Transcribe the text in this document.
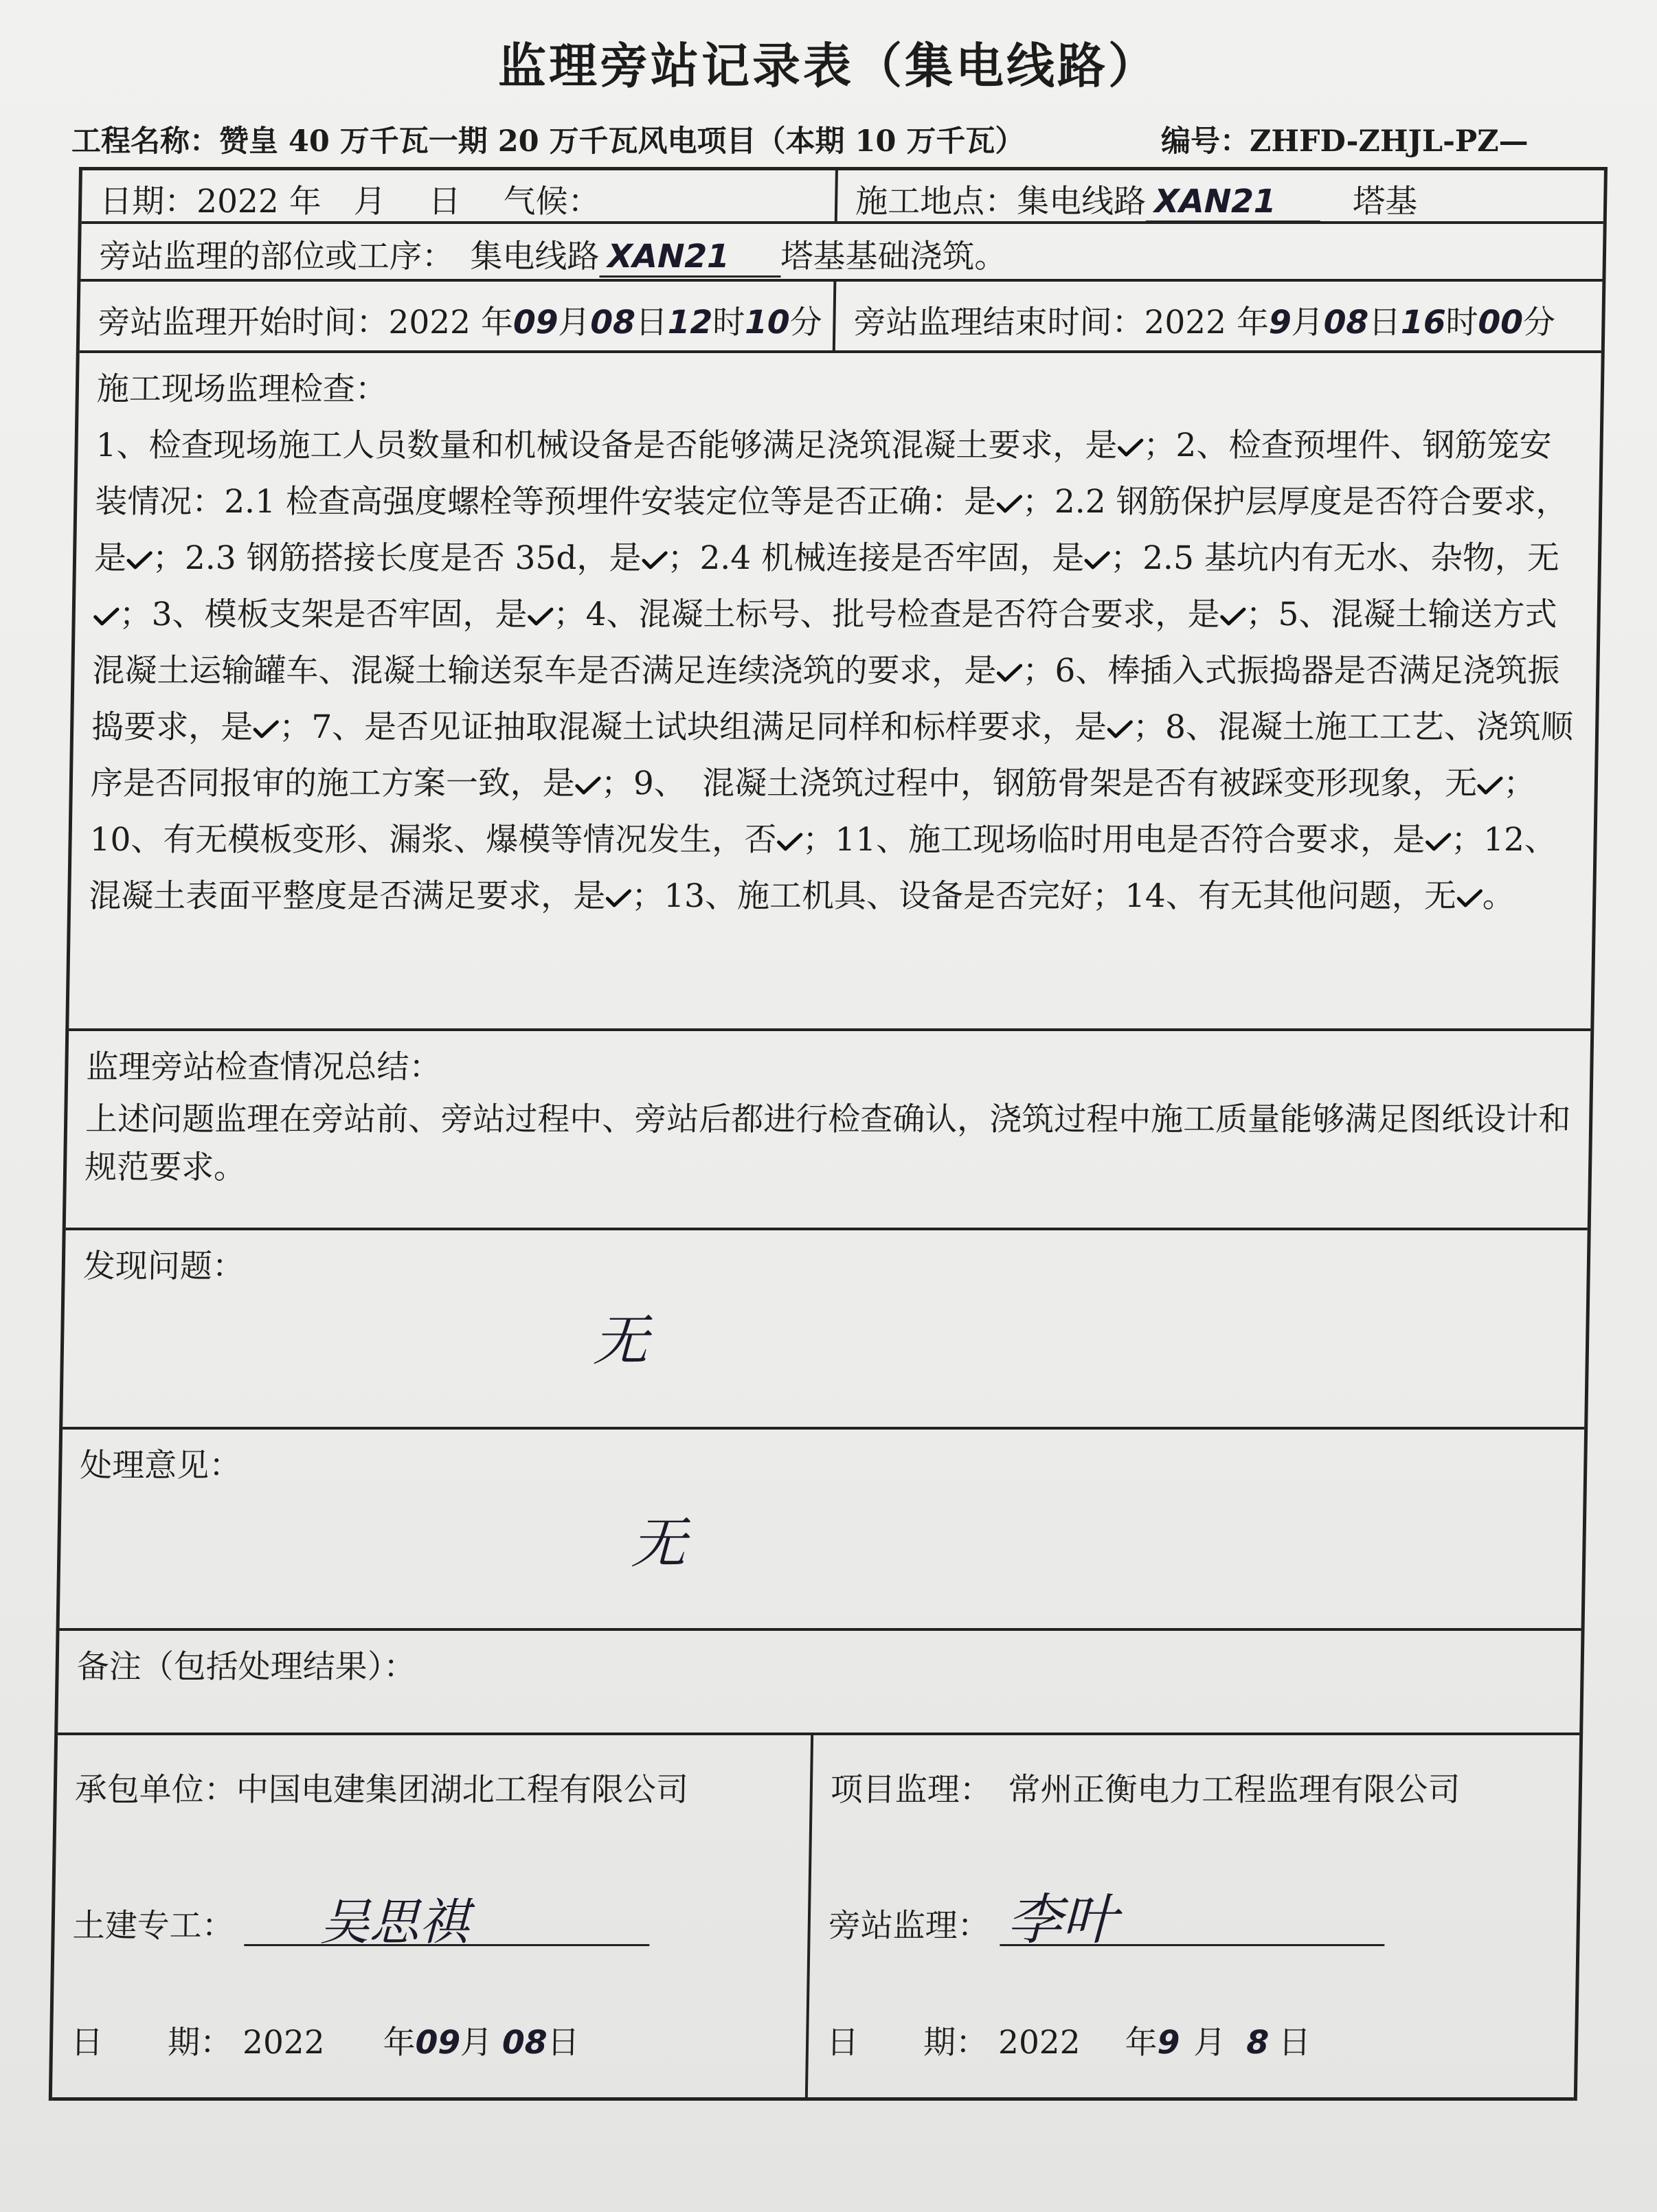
监理旁站记录表（集电线路）
工程名称：赞皇 40 万千瓦一期 20 万千瓦风电项目（本期 10 万千瓦）	编号：ZHFD-ZHJL-PZ—
日期：2022 年　月　 日　 气候：	施工地点：集电线路 XAN21　 塔基
旁站监理的部位或工序：　 集电线路 XAN21 塔基基础浇筑。
旁站监理开始时间：2022 年09月08日12时10分 旁站监理结束时间：2022 年9月08日16时00分
施工现场监理检查：
1、检查现场施工人员数量和机械设备是否能够满足浇筑混凝土要求，是 ；2、检查预埋件、钢筋笼安装情况：2.1 检查高强度螺栓等预埋件安装定位等是否正确：是 ；2.2 钢筋保护层厚度是否符合要求，是 ；2.3 钢筋搭接长度是否 35d，是 ；2.4 机械连接是否牢固，是 ；2.5 基坑内有无水、杂物，无；3、模板支架是否牢固，是 ；4、混凝土标号、批号检查是否符合要求，是 ；5、混凝土输送方式混凝土运输罐车、混凝土输送泵车是否满足连续浇筑的要求，是 ；6、棒插入式振捣器是否满足浇筑振捣要求，是 ；7、是否见证抽取混凝土试块组满足同样和标样要求，是 ；8、混凝土施工工艺、浇筑顺序是否同报审的施工方案一致，是 ；9、　混凝土浇筑过程中，钢筋骨架是否有被踩变形现象，无 ；10、有无模板变形、漏浆、爆模等情况发生，否 ；11、施工现场临时用电是否符合要求，是 ；12、混凝土表面平整度是否满足要求，是 ；13、施工机具、设备是否完好；14、有无其他问题，无 。
监理旁站检查情况总结：
上述问题监理在旁站前、旁站过程中、旁站后都进行检查确认，浇筑过程中施工质量能够满足图纸设计和规范要求。
发现问题：
无
处理意见：
无
备注（包括处理结果）：
承包单位：中国电建集团湖北工程有限公司
土建专工： 吴思祺
日　　期： 2022 年09月 08日
项目监理：　常州正衡电力工程监理有限公司
旁站监理： 李叶
日　　期： 2022 年9 月 8 日
